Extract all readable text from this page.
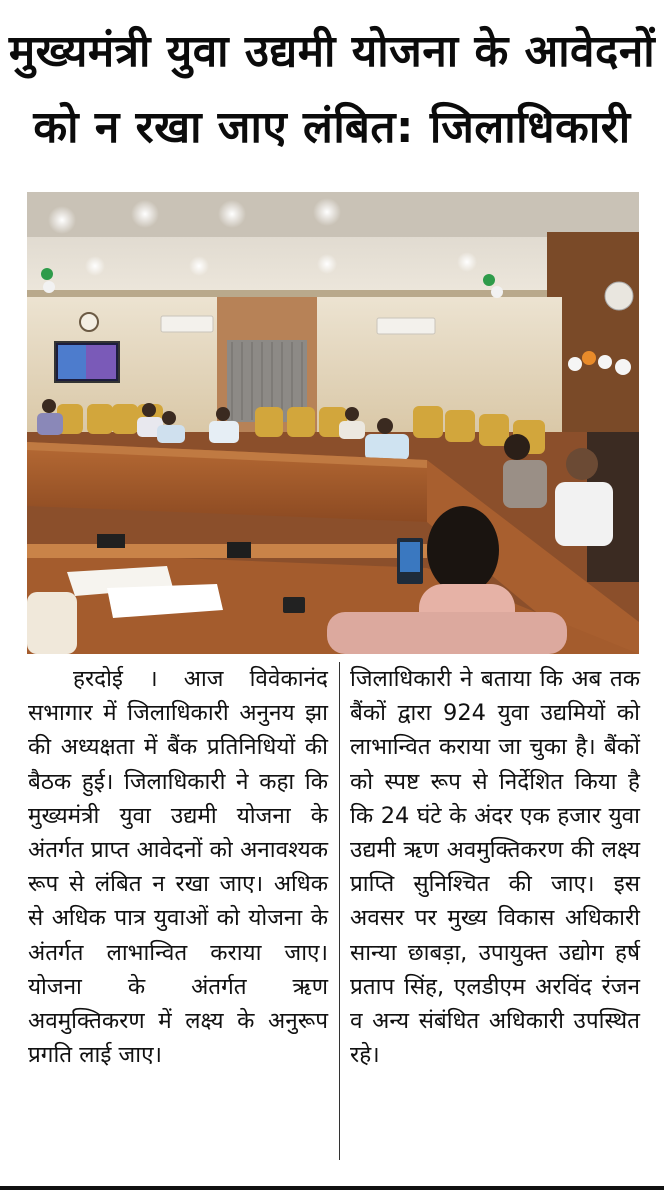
मुख्यमंत्री युवा उद्यमी योजना के आवेदनों को न रखा जाए लंबित: जिलाधिकारी
हरदोई । आज विवेकानंद सभागार में जिलाधिकारी अनुनय झा की अध्यक्षता में बैंक प्रतिनिधियों की बैठक हुई। जिलाधिकारी ने कहा कि मुख्यमंत्री युवा उद्यमी योजना के अंतर्गत प्राप्त आवेदनों को अनावश्यक रूप से लंबित न रखा जाए। अधिक से अधिक पात्र युवाओं को योजना के अंतर्गत लाभान्वित कराया जाए। योजना के अंतर्गत ऋण अवमुक्तिकरण में लक्ष्य के अनुरूप प्रगति लाई जाए।
जिलाधिकारी ने बताया कि अब तक बैंकों द्वारा 924 युवा उद्यमियों को लाभान्वित कराया जा चुका है। बैंकों को स्पष्ट रूप से निर्देशित किया है कि 24 घंटे के अंदर एक हजार युवा उद्यमी ऋण अवमुक्तिकरण की लक्ष्य प्राप्ति सुनिश्चित की जाए। इस अवसर पर मुख्य विकास अधिकारी सान्या छाबड़ा, उपायुक्त उद्योग हर्ष प्रताप सिंह, एलडीएम अरविंद रंजन व अन्य संबंधित अधिकारी उपस्थित रहे।
